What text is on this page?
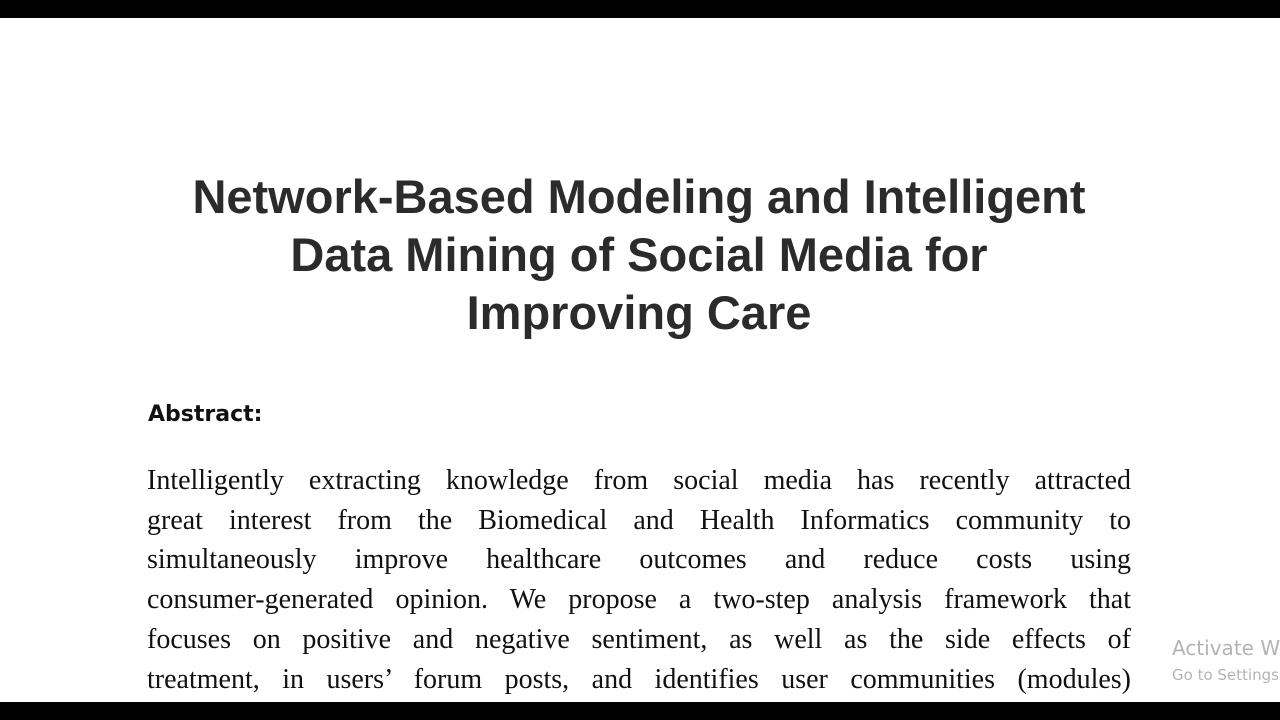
Network-Based Modeling and Intelligent
Data Mining of Social Media for
Improving Care
Abstract:
Intelligently extracting knowledge from social media has recently attracted
great interest from the Biomedical and Health Informatics community to
simultaneously improve healthcare outcomes and reduce costs using
consumer-generated opinion. We propose a two-step analysis framework that
focuses on positive and negative sentiment, as well as the side effects of
treatment, in users’ forum posts, and identifies user communities (modules)
Activate W
Go to Settings
